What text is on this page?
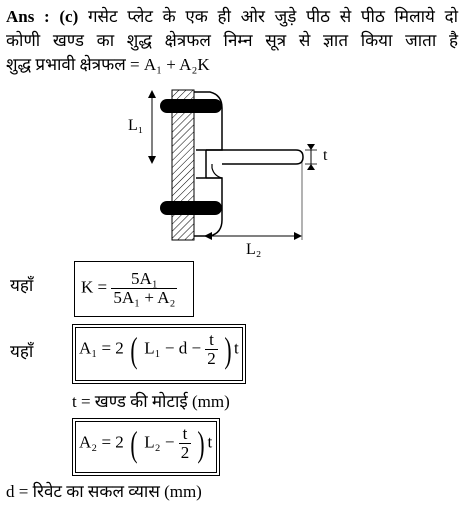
Ans : (c) गसेट प्लेट के एक ही ओर जुड़े पीठ से पीठ मिलाये दो
कोणी खण्ड का शुद्ध क्षेत्रफल निम्न सूत्र से ज्ञात किया जाता है
शुद्ध प्रभावी क्षेत्रफल = A₁ + A₂K
L₁
t
L₂
यहाँ	$K = \frac{\text{5A₁}}{\text{5A₁ + A₂}}$
यहाँ	A₁ = 2 ( $L_1 - d - \frac{t}{2}$ ) t
t = खण्ड की मोटाई (mm)
A₂ = 2 ( $L_2 - \frac{t}{2}$ ) t
d = रिवेट का सकल व्यास (mm)
